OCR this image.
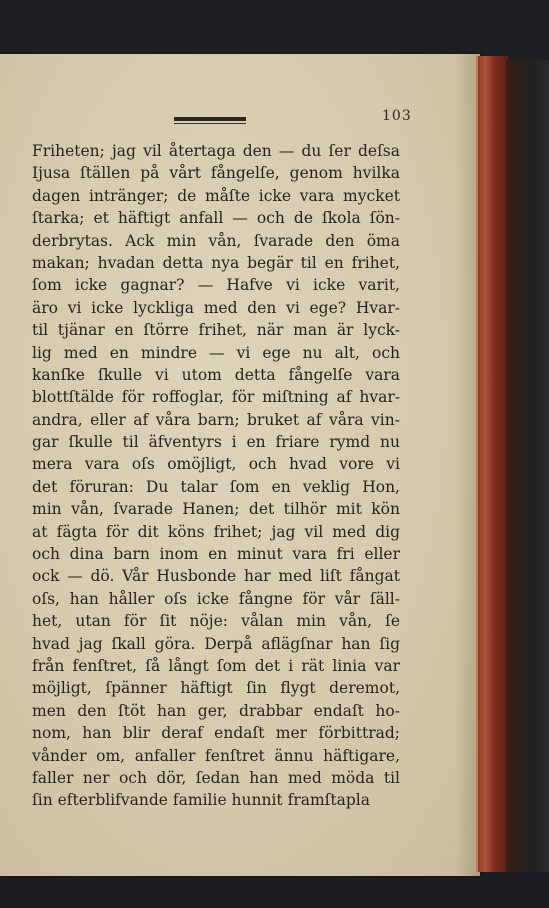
103
Friheten; jag vil återtaga den — du ſer deſsa
Ijusa ſtällen på vårt fångelſe, genom hvilka
dagen intränger; de måſte icke vara mycket
ſtarka; et häftigt anfall — och de ſkola ſön-
derbrytas. Ack min vån, ſvarade den öma
makan; hvadan detta nya begär til en frihet,
ſom icke gagnar? — Hafve vi icke varit,
äro vi icke lyckliga med den vi ege? Hvar-
til tjänar en ſtörre frihet, när man är lyck-
lig med en mindre — vi ege nu alt, och
kanſke ſkulle vi utom detta fångelſe vara
blottſtälde för roffoglar, för miſtning af hvar-
andra, eller af våra barn; bruket af våra vin-
gar ſkulle til äfventyrs i en friare rymd nu
mera vara oſs omöjligt, och hvad vore vi
det föruran: Du talar ſom en veklig Hon,
min vån, ſvarade Hanen; det tilhör mit kön
at fägta för dit köns frihet; jag vil med dig
och dina barn inom en minut vara fri eller
ock — dö. Vår Husbonde har med liſt fångat
oſs, han håller oſs icke fångne för vår ſäll-
het, utan för ſit nöje: vålan min vån, ſe
hvad jag ſkall göra. Derpå aflägſnar han ſig
från fenſtret, ſå långt ſom det i rät linia var
möjligt, ſpänner häftigt ſin flygt deremot,
men den ſtöt han ger, drabbar endaſt ho-
nom, han blir deraf endaſt mer förbittrad;
vånder om, anfaller fenſtret ännu häftigare,
faller ner och dör, ſedan han med möda til
ſin efterblifvande familie hunnit framſtapla
